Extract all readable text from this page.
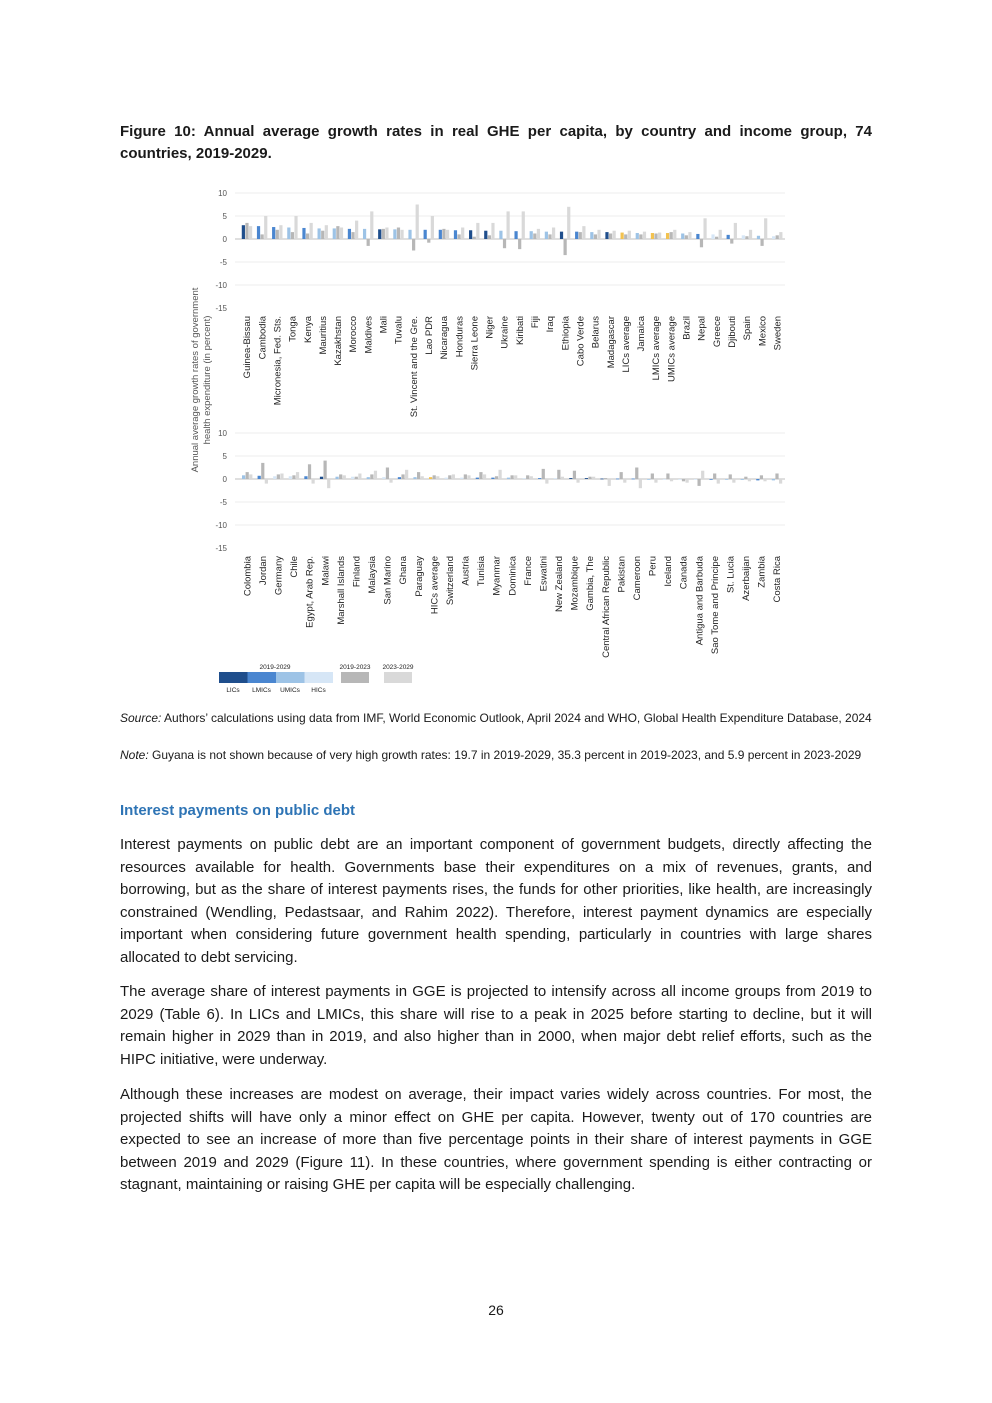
Figure 10: Annual average growth rates in real GHE per capita, by country and income group, 74 countries, 2019-2029.

10
5
0
-5
-10
-15
Guinea-Bissau Cambodia Micronesia, Fed. Sts. Tonga Kenya Mauritius Kazakhstan Morocco Maldives Mali Tuvalu St. Vincent and the Gre. Lao PDR Nicaragua Honduras Sierra Leone Niger Ukraine Kiribati Fiji Iraq Ethiopia Cabo Verde Belarus Madagascar LICs average Jamaica LMICs average UMICs average Brazil Nepal Greece Djibouti Spain Mexico Sweden
10
5
0
-5
-10
-15
Colombia Jordan Germany Chile Egypt, Arab Rep. Malawi Marshall Islands Finland Malaysia San Marino Ghana Paraguay HICs average Switzerland Austria Tunisia Myanmar Dominica France Eswatini New Zealand Mozambique Gambia, The Central African Republic Pakistan Cameroon Peru Iceland Canada Antigua and Barbuda Sao Tome and Principe St. Lucia Azerbaijan Zambia Costa Rica
Annual average growth rates of government health expenditure (in percent)
2019-2029	2019-2023 2023-2029
LICs LMICs UMICs HICs

Source: Authors’ calculations using data from IMF, World Economic Outlook, April 2024 and WHO, Global Health Expenditure Database, 2024

Note: Guyana is not shown because of very high growth rates: 19.7 in 2019-2029, 35.3 percent in 2019-2023, and 5.9 percent in 2023-2029

Interest payments on public debt

Interest payments on public debt are an important component of government budgets, directly affecting the resources available for health. Governments base their expenditures on a mix of revenues, grants, and borrowing, but as the share of interest payments rises, the funds for other priorities, like health, are increasingly constrained (Wendling, Pedastsaar, and Rahim 2022). Therefore, interest payment dynamics are especially important when considering future government health spending, particularly in countries with large shares allocated to debt servicing.

The average share of interest payments in GGE is projected to intensify across all income groups from 2019 to 2029 (Table 6). In LICs and LMICs, this share will rise to a peak in 2025 before starting to decline, but it will remain higher in 2029 than in 2019, and also higher than in 2000, when major debt relief efforts, such as the HIPC initiative, were underway.

Although these increases are modest on average, their impact varies widely across countries. For most, the projected shifts will have only a minor effect on GHE per capita. However, twenty out of 170 countries are expected to see an increase of more than five percentage points in their share of interest payments in GGE between 2019 and 2029 (Figure 11). In these countries, where government spending is either contracting or stagnant, maintaining or raising GHE per capita will be especially challenging.

26
